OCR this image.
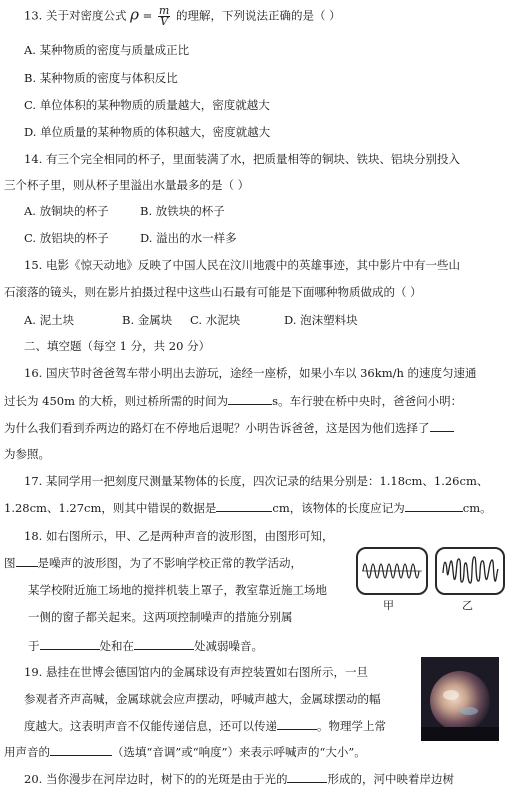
13. 关于对密度公式 $\rho = \frac{m}{V}$ 的理解，下列说法正确的是（ ）
A. 某种物质的密度与质量成正比
B. 某种物质的密度与体积反比
C. 单位体积的某种物质的质量越大，密度就越大
D. 单位质量的某种物质的体积越大，密度就越大
14. 有三个完全相同的杯子，里面装满了水，把质量相等的铜块、铁块、铝块分别投入
三个杯子里，则从杯子里溢出水量最多的是（ ）
A. 放铜块的杯子	B. 放铁块的杯子
C. 放铝块的杯子	D. 溢出的水一样多
15. 电影《惊天动地》反映了中国人民在汶川地震中的英雄事迹，其中影片中有一些山
石滚落的镜头，则在影片拍摄过程中这些山石最有可能是下面哪种物质做成的（ ）
A. 泥土块	B. 金属块 C. 水泥块	D. 泡沫塑料块
二、填空题（每空 1 分，共 20 分）
16. 国庆节时爸爸驾车带小明出去游玩，途经一座桥，如果小车以 36km/h 的速度匀速通
过长为 450m 的大桥，则过桥所需的时间为	s。车行驶在桥中央时，爸爸问小明：
为什么我们看到乔两边的路灯在不停地后退呢？小明告诉爸爸，这是因为他们选择了
为参照。
17. 某同学用一把刻度尺测量某物体的长度，四次记录的结果分别是：1.18cm、1.26cm、
1.28cm、1.27cm，则其中错误的数据是	cm，该物体的长度应记为	cm。
18. 如右图所示，甲、乙是两种声音的波形图，由图形可知，
图 是噪声的波形图，为了不影响学校正常的教学活动，
某学校附近施工场地的搅拌机装上罩子，教室靠近施工场地
一侧的窗子都关起来。这两项控制噪声的措施分别属
于	处和在	处减弱噪音。
甲	乙
19. 悬挂在世博会德国馆内的金属球设有声控装置如右图所示，一旦
参观者齐声高喊，金属球就会应声摆动，呼喊声越大，金属球摆动的幅
度越大。这表明声音不仅能传递信息，还可以传递	。物理学上常
用声音的	（选填“音调”或“响度”）来表示呼喊声的“大小”。
20. 当你漫步在河岸边时，树下的的光斑是由于光的	形成的，河中映着岸边树
